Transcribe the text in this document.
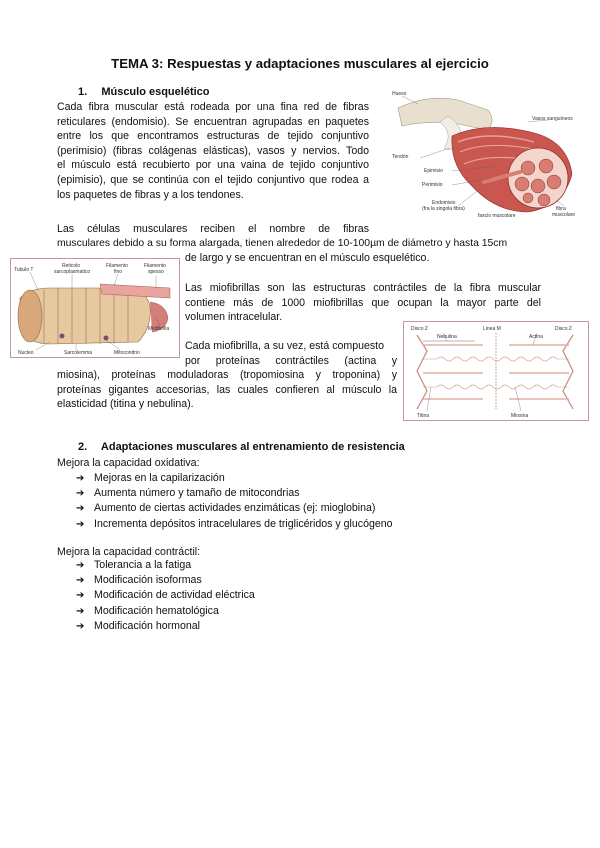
TEMA 3: Respuestas y adaptaciones musculares al ejercicio
1. Músculo esquelético
Cada fibra muscular está rodeada por una fina red de fibras
reticulares (endomisio). Se encuentran agrupadas en paquetes
entre los que encontramos estructuras de tejido conjuntivo
(perimisio) (fibras colágenas elásticas), vasos y nervios. Todo
el músculo está recubierto por una vaina de tejido conjuntivo
(epimisio), que se continúa con el tejido conjuntivo que rodea a
los paquetes de fibras y a los tendones.
Hueso
Vasos sanguíneos
Tendón
Epimisio
Perimisio
Endomisio
(fra la singola fibra)
fascio muscolare
fibra
muscolare
Las células musculares reciben el nombre de fibras
musculares debido a su forma alargada, tienen alrededor de 10-100µm de diámetro y hasta 15cm
de largo y se encuentran en el músculo esquelético.
Tubulo T
Reticolo
sarcoplasmatico
Filamento
fino
Filamento
spesso
Miofibrilla
Nucleo	Sarcolemma	Mitocondrio
Las miofibrillas son las estructuras contráctiles de la fibra muscular
contiene más de 1000 miofibrillas que ocupan la mayor parte del
volumen intracelular.
Disco Z	Linea M	Disco Z
Nebulina	Actina
Titina	Miosina
Cada miofibrilla, a su vez, está compuesto
por proteínas contráctiles (actina y
miosina), proteínas moduladoras (tropomiosina y troponina) y
proteínas gigantes accesorias, las cuales confieren al músculo la
elasticidad (titina y nebulina).
2. Adaptaciones musculares al entrenamiento de resistencia
Mejora la capacidad oxidativa:
➔ Mejoras en la capilarización
➔ Aumenta número y tamaño de mitocondrias
➔ Aumento de ciertas actividades enzimáticas (ej: mioglobina)
➔ Incrementa depósitos intracelulares de triglicéridos y glucógeno
Mejora la capacidad contráctil:
➔ Tolerancia a la fatiga
➔ Modificación isoformas
➔ Modificación de actividad eléctrica
➔ Modificación hematológica
➔ Modificación hormonal
